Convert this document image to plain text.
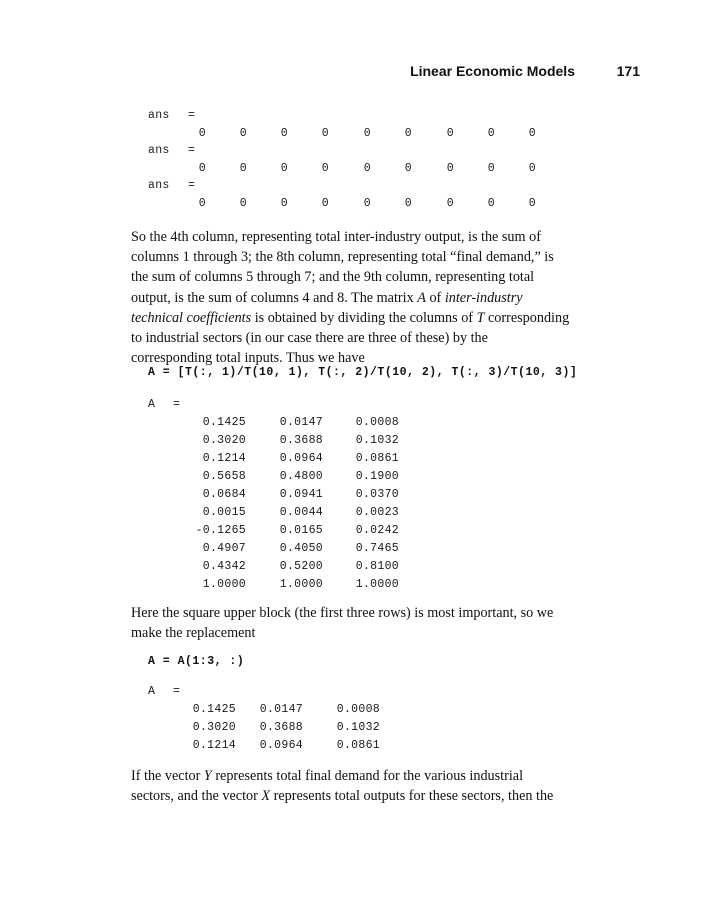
Linear Economic Models	171
ans =
0	0	0	0	0	0	0	0	0
ans =
0	0	0	0	0	0	0	0	0
ans =
0	0	0	0	0	0	0	0	0
So the 4th column, representing total inter-industry output, is the sum of
columns 1 through 3; the 8th column, representing total “final demand,” is
the sum of columns 5 through 7; and the 9th column, representing total
output, is the sum of columns 4 and 8. The matrix A of inter-industry
technical coefficients is obtained by dividing the columns of T corresponding
to industrial sectors (in our case there are three of these) by the
corresponding total inputs. Thus we have
A = [T(:, 1)/T(10, 1), T(:, 2)/T(10, 2), T(:, 3)/T(10, 3)]
A =
0.1425	0.0147	0.0008
0.3020	0.3688	0.1032
0.1214	0.0964	0.0861
0.5658	0.4800	0.1900
0.0684	0.0941	0.0370
0.0015	0.0044	0.0023
-0.1265	0.0165	0.0242
0.4907	0.4050	0.7465
0.4342	0.5200	0.8100
1.0000	1.0000	1.0000
Here the square upper block (the first three rows) is most important, so we
make the replacement
A = A(1:3, :)
A =
0.1425	0.0147	0.0008
0.3020	0.3688	0.1032
0.1214	0.0964	0.0861
If the vector Y represents total final demand for the various industrial
sectors, and the vector X represents total outputs for these sectors, then the
